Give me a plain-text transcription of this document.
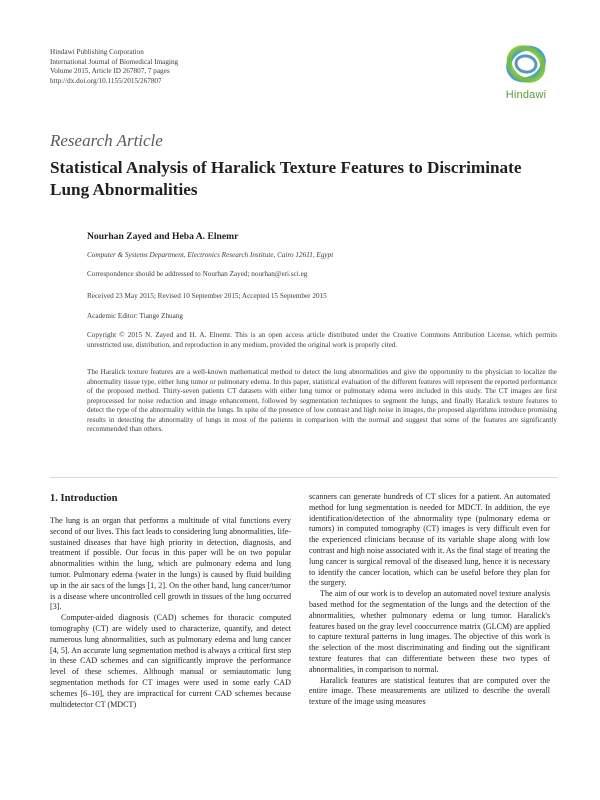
Hindawi Publishing Corporation
International Journal of Biomedical Imaging
Volume 2015, Article ID 267807, 7 pages
http://dx.doi.org/10.1155/2015/267807
Hindawi
Research Article
Statistical Analysis of Haralick Texture Features to Discriminate Lung Abnormalities
Nourhan Zayed and Heba A. Elnemr
Computer & Systems Department, Electronics Research Institute, Cairo 12611, Egypt
Correspondence should be addressed to Nourhan Zayed; nourhan@eri.sci.eg
Received 23 May 2015; Revised 10 September 2015; Accepted 15 September 2015
Academic Editor: Tiange Zhuang
Copyright © 2015 N. Zayed and H. A. Elnemr. This is an open access article distributed under the Creative Commons Attribution License, which permits unrestricted use, distribution, and reproduction in any medium, provided the original work is properly cited.
The Haralick texture features are a well-known mathematical method to detect the lung abnormalities and give the opportunity to the physician to localize the abnormality tissue type, either lung tumor or pulmonary edema. In this paper, statistical evaluation of the different features will represent the reported performance of the proposed method. Thirty-seven patients CT datasets with either lung tumor or pulmonary edema were included in this study. The CT images are first preprocessed for noise reduction and image enhancement, followed by segmentation techniques to segment the lungs, and finally Haralick texture features to detect the type of the abnormality within the lungs. In spite of the presence of low contrast and high noise in images, the proposed algorithms introduce promising results in detecting the abnormality of lungs in most of the patients in comparison with the normal and suggest that some of the features are significantly recommended than others.
1. Introduction

The lung is an organ that performs a multitude of vital functions every second of our lives. This fact leads to considering lung abnormalities, life-sustained diseases that have high priority in detection, diagnosis, and treatment if possible. Our focus in this paper will be on two popular abnormalities within the lung, which are pulmonary edema and lung tumor. Pulmonary edema (water in the lungs) is caused by fluid building up in the air sacs of the lungs [1, 2]. On the other hand, lung cancer/tumor is a disease where uncontrolled cell growth in tissues of the lung occurred [3].

Computer-aided diagnosis (CAD) schemes for thoracic computed tomography (CT) are widely used to characterize, quantify, and detect numerous lung abnormalities, such as pulmonary edema and lung cancer [4, 5]. An accurate lung segmentation method is always a critical first step in these CAD schemes and can significantly improve the performance level of these schemes. Although manual or semiautomatic lung segmentation methods for CT images were used in some early CAD schemes [6–10], they are impractical for current CAD schemes because multidetector CT (MDCT)

scanners can generate hundreds of CT slices for a patient. An automated method for lung segmentation is needed for MDCT. In addition, the eye identification/detection of the abnormality type (pulmonary edema or tumors) in computed tomography (CT) images is very difficult even for the experienced clinicians because of its variable shape along with low contrast and high noise associated with it. As the final stage of treating the lung cancer is surgical removal of the diseased lung, hence it is necessary to identify the cancer location, which can be useful before they plan for the surgery.

The aim of our work is to develop an automated novel texture analysis based method for the segmentation of the lungs and the detection of the abnormalities, whether pulmonary edema or lung tumor. Haralick's features based on the gray level cooccurrence matrix (GLCM) are applied to capture textural patterns in lung images. The objective of this work is the selection of the most discriminating and finding out the significant texture features that can differentiate between these two types of abnormalities, in comparison to normal.

Haralick features are statistical features that are computed over the entire image. These measurements are utilized to describe the overall texture of the image using measures
